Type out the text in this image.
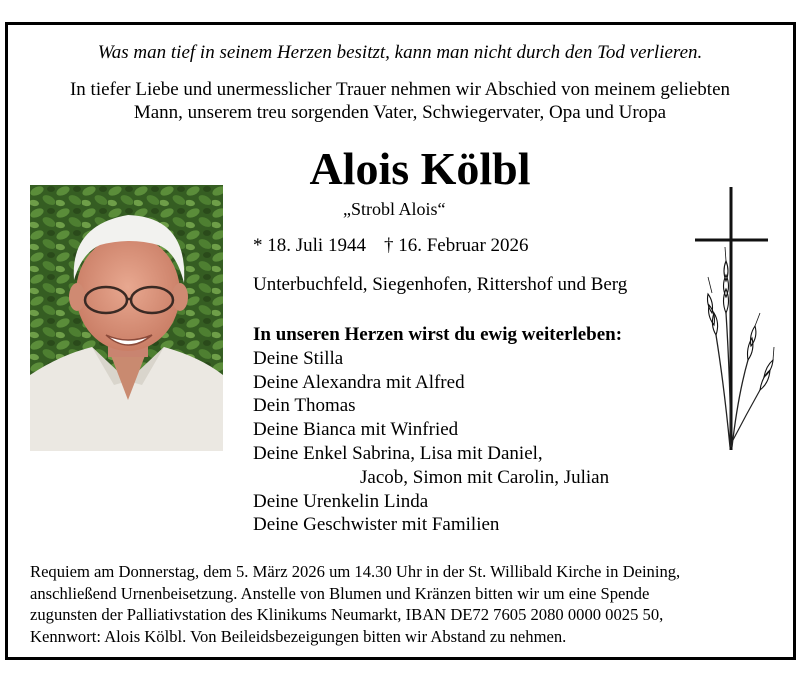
Was man tief in seinem Herzen besitzt, kann man nicht durch den Tod verlieren.
In tiefer Liebe und unermesslicher Trauer nehmen wir Abschied von meinem geliebten
Mann, unserem treu sorgenden Vater, Schwiegervater, Opa und Uropa
Alois Kölbl
„Strobl Alois“
* 18. Juli 1944 † 16. Februar 2026
Unterbuchfeld, Siegenhofen, Rittershof und Berg
In unseren Herzen wirst du ewig weiterleben:
Deine Stilla
Deine Alexandra mit Alfred
Dein Thomas
Deine Bianca mit Winfried
Deine Enkel Sabrina, Lisa mit Daniel,
Jacob, Simon mit Carolin, Julian
Deine Urenkelin Linda
Deine Geschwister mit Familien
Requiem am Donnerstag, dem 5. März 2026 um 14.30 Uhr in der St. Willibald Kirche in Deining,
anschließend Urnenbeisetzung. Anstelle von Blumen und Kränzen bitten wir um eine Spende
zugunsten der Palliativstation des Klinikums Neumarkt, IBAN DE72 7605 2080 0000 0025 50,
Kennwort: Alois Kölbl. Von Beileidsbezeigungen bitten wir Abstand zu nehmen.
